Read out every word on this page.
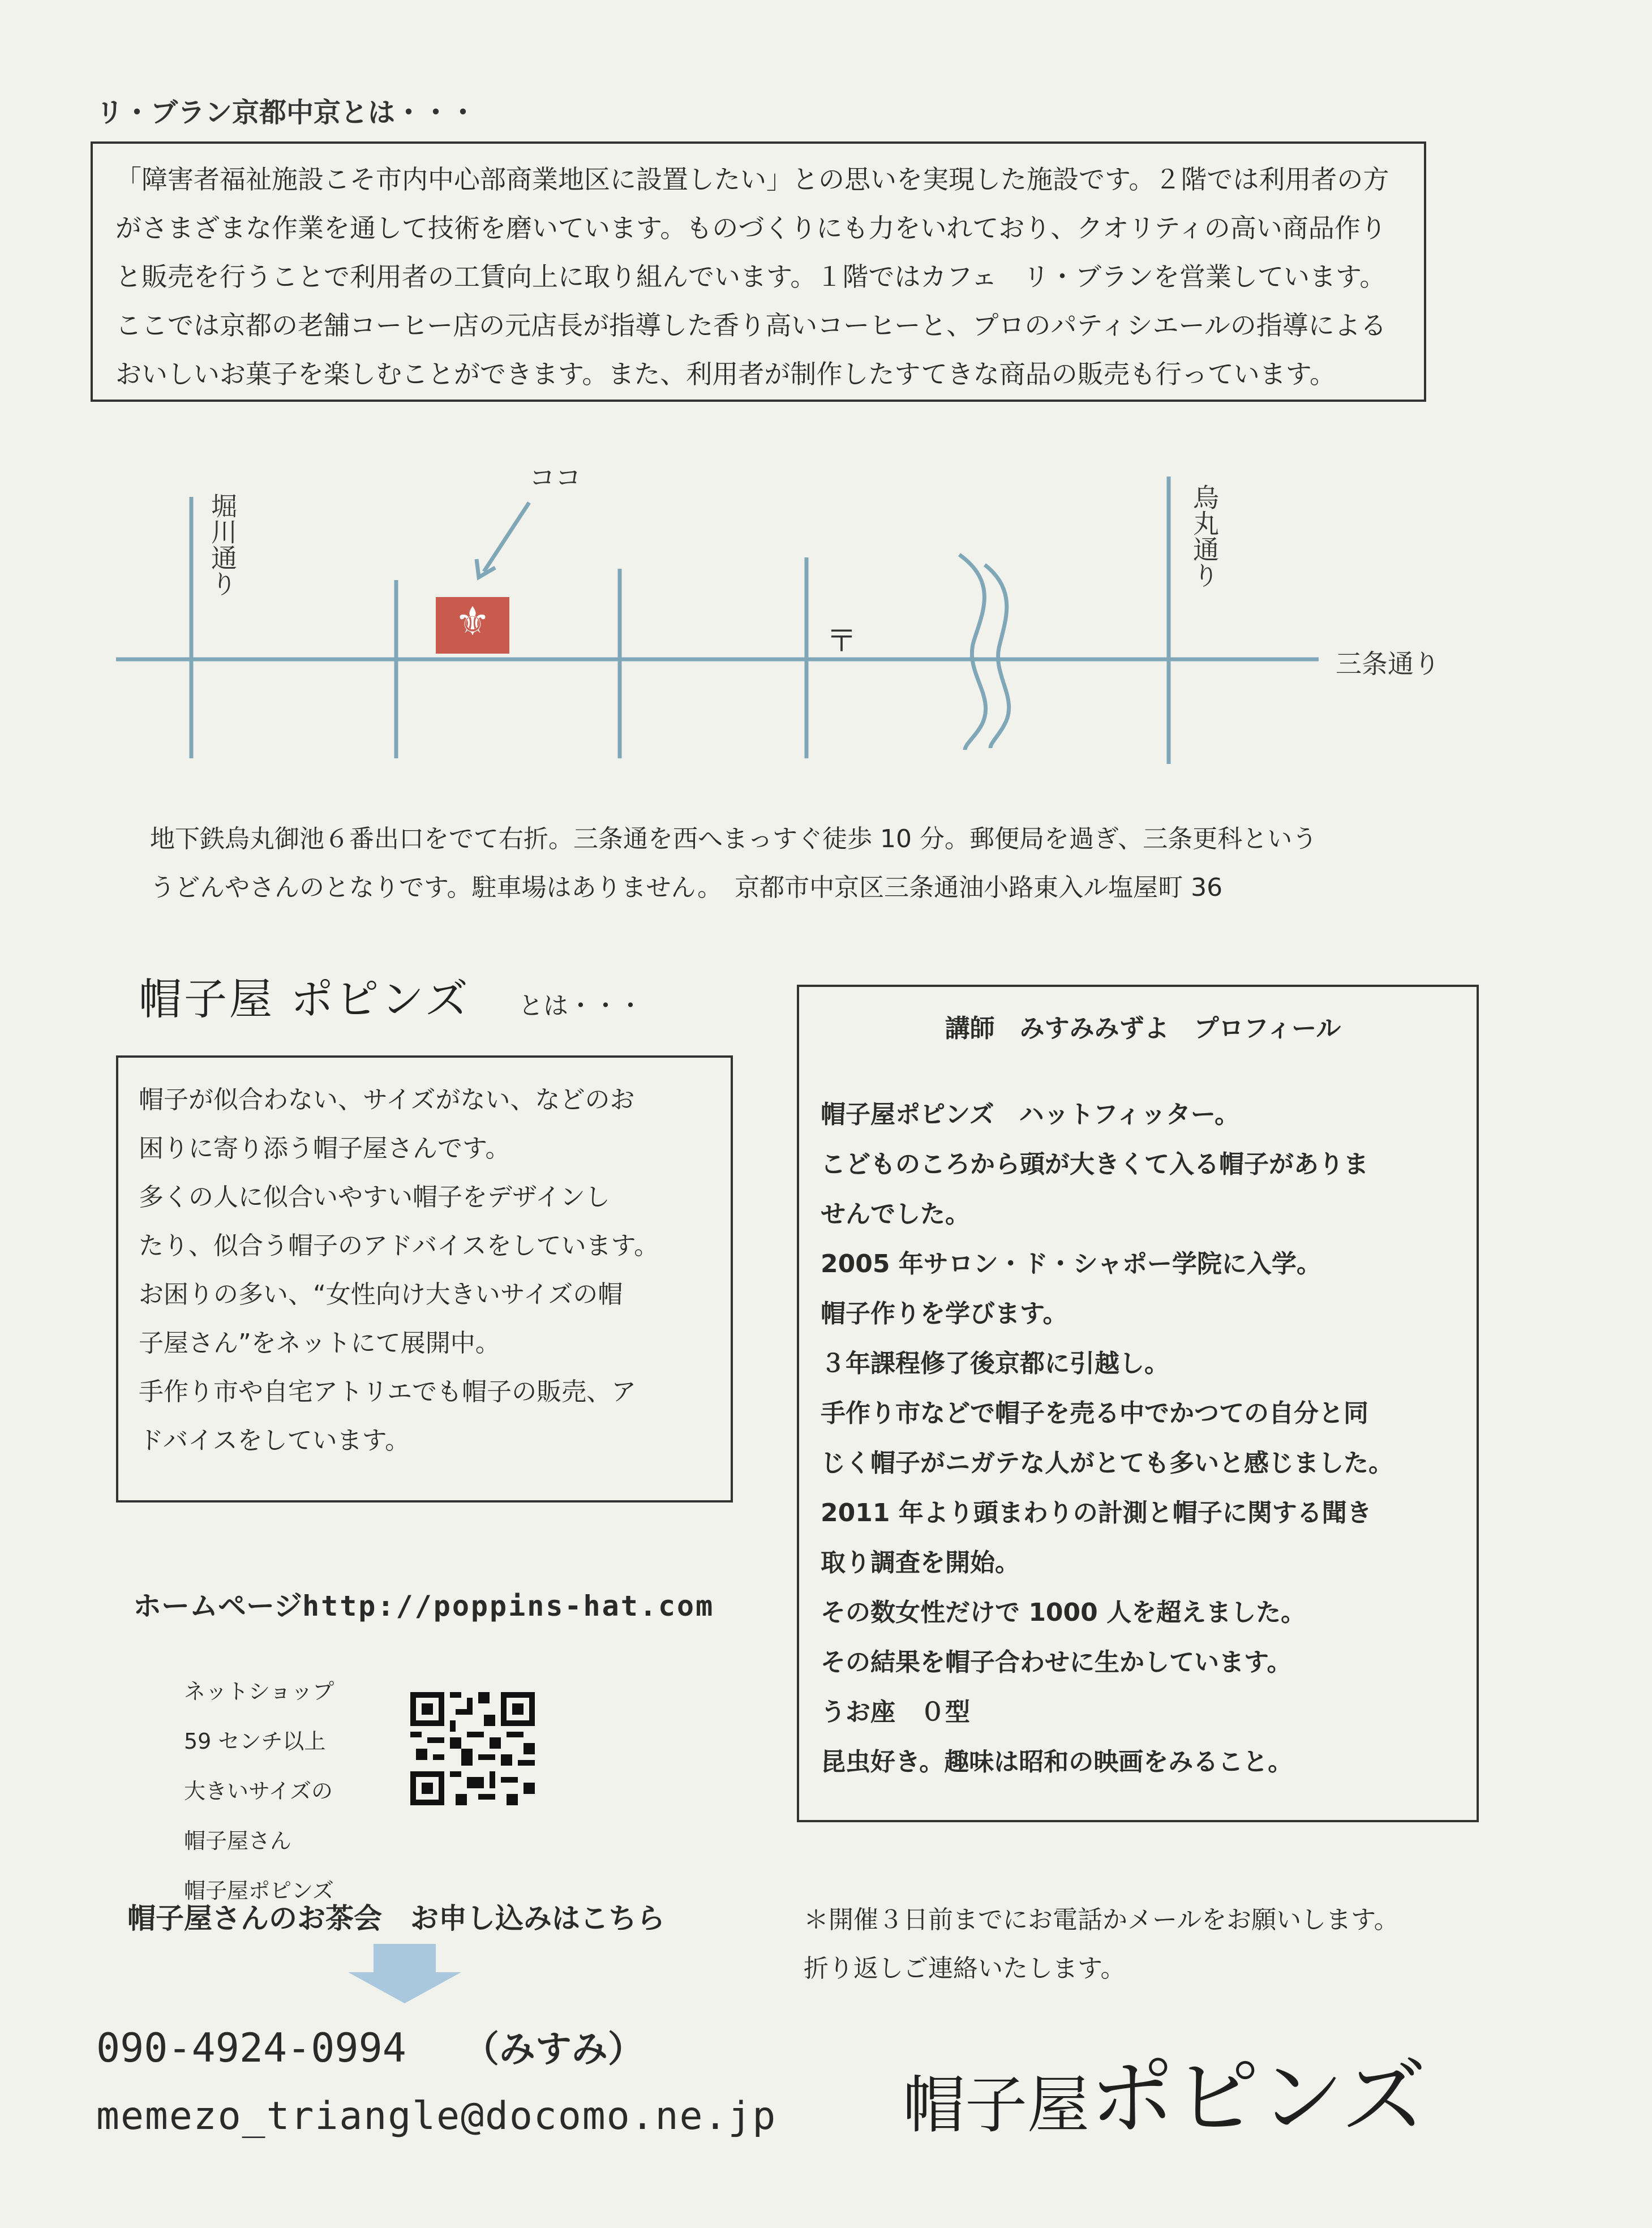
リ・ブラン京都中京とは・・・
「障害者福祉施設こそ市内中心部商業地区に設置したい」との思いを実現した施設です。２階では利用者の方
がさまざまな作業を通して技術を磨いています。ものづくりにも力をいれており、クオリティの高い商品作り
と販売を行うことで利用者の工賃向上に取り組んでいます。１階ではカフェ　リ・ブランを営業しています。
ここでは京都の老舗コーヒー店の元店長が指導した香り高いコーヒーと、プロのパティシエールの指導による
おいしいお菓子を楽しむことができます。また、利用者が制作したすてきな商品の販売も行っています。
⚜
ココ
堀川通り	烏丸通り
三条通り
〒
地下鉄烏丸御池６番出口をでて右折。三条通を西へまっすぐ徒歩 10 分。郵便局を過ぎ、三条更科という
うどんやさんのとなりです。駐車場はありません。　京都市中京区三条通油小路東入ル塩屋町 36
帽子屋 ポピンズ とは・・・
帽子が似合わない、サイズがない、などのお
困りに寄り添う帽子屋さんです。
多くの人に似合いやすい帽子をデザインし
たり、似合う帽子のアドバイスをしています。
お困りの多い、“女性向け大きいサイズの帽
子屋さん”をネットにて展開中。
手作り市や自宅アトリエでも帽子の販売、ア
ドバイスをしています。
講師　みすみみずよ　プロフィール
帽子屋ポピンズ　ハットフィッター。
こどものころから頭が大きくて入る帽子がありま
せんでした。
2005 年サロン・ド・シャポー学院に入学。
帽子作りを学びます。
３年課程修了後京都に引越し。
手作り市などで帽子を売る中でかつての自分と同
じく帽子がニガテな人がとても多いと感じました。
2011 年より頭まわりの計測と帽子に関する聞き
取り調査を開始。
その数女性だけで 1000 人を超えました。
その結果を帽子合わせに生かしています。
うお座　０型
昆虫好き。趣味は昭和の映画をみること。
ホームページhttp://poppins-hat.com
ネットショップ
59 センチ以上
大きいサイズの
帽子屋さん
帽子屋ポピンズ
帽子屋さんのお茶会　お申し込みはこちら	＊開催３日前までにお電話かメールをお願いします。
折り返しご連絡いたします。
090-4924-0994 （みすみ）
memezo_triangle@docomo.ne.jp 帽子屋ポピンズ
